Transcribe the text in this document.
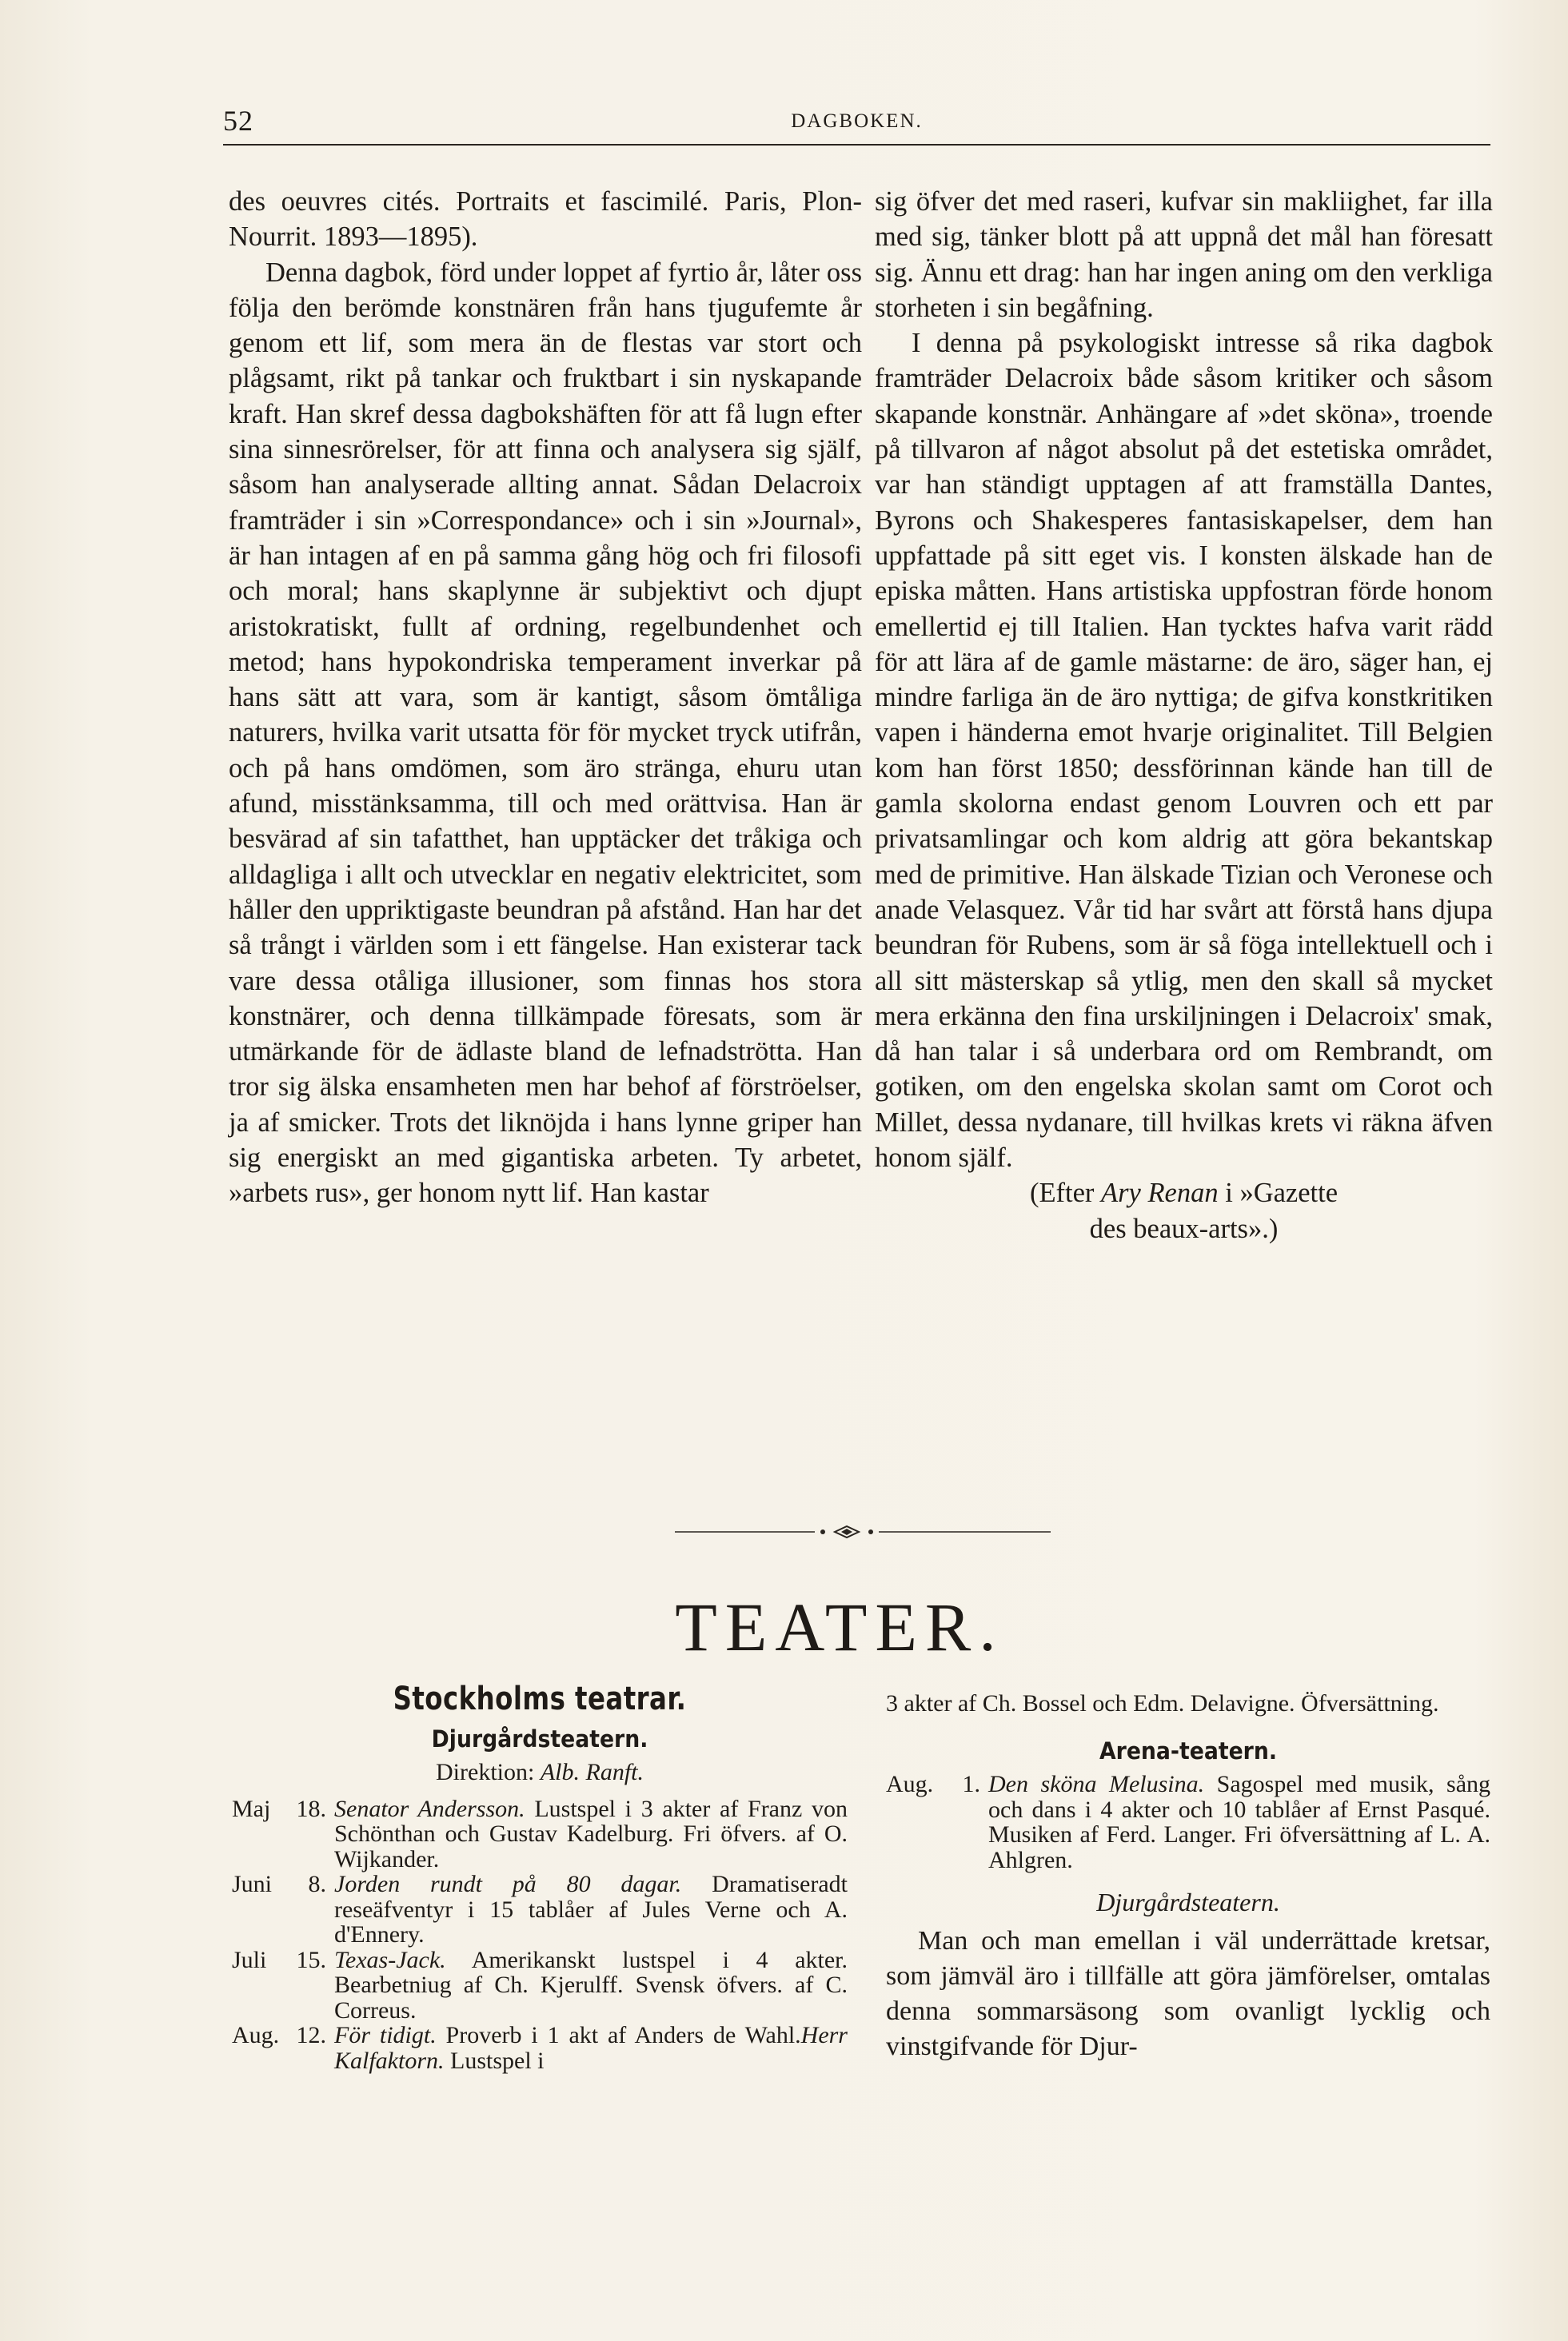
52	DAGBOKEN.

des oeuvres cités. Portraits et fascimilé. Paris, Plon-Nourrit. 1893—1895).

Denna dagbok, förd under loppet af fyrtio år, låter oss följa den berömde konstnären från hans tjugufemte år genom ett lif, som mera än de flestas var stort och plågsamt, rikt på tankar och fruktbart i sin nyskapande kraft. Han skref dessa dagbokshäften för att få lugn efter sina sinnesrörelser, för att finna och analysera sig själf, såsom han analyserade allting annat. Sådan Delacroix framträder i sin »Correspondance» och i sin »Journal», är han intagen af en på samma gång hög och fri filosofi och moral; hans skaplynne är subjektivt och djupt aristokratiskt, fullt af ordning, regelbundenhet och metod; hans hypokondriska temperament inverkar på hans sätt att vara, som är kantigt, såsom ömtåliga naturers, hvilka varit utsatta för för mycket tryck utifrån, och på hans omdömen, som äro stränga, ehuru utan afund, misstänksamma, till och med orättvisa. Han är besvärad af sin tafatthet, han upptäcker det tråkiga och alldagliga i allt och utvecklar en negativ elektricitet, som håller den uppriktigaste beundran på afstånd. Han har det så trångt i världen som i ett fängelse. Han existerar tack vare dessa otåliga illusioner, som finnas hos stora konstnärer, och denna tillkämpade föresats, som är utmärkande för de ädlaste bland de lefnadströtta. Han tror sig älska ensamheten men har behof af förströelser, ja af smicker. Trots det liknöjda i hans lynne griper han sig energiskt an med gigantiska arbeten. Ty arbetet, »arbets rus», ger honom nytt lif. Han kastar

sig öfver det med raseri, kufvar sin makliighet, far illa med sig, tänker blott på att uppnå det mål han föresatt sig. Ännu ett drag: han har ingen aning om den verkliga storheten i sin begåfning.

I denna på psykologiskt intresse så rika dagbok framträder Delacroix både såsom kritiker och såsom skapande konstnär. Anhängare af »det sköna», troende på tillvaron af något absolut på det estetiska området, var han ständigt upptagen af att framställa Dantes, Byrons och Shakesperes fantasiskapelser, dem han uppfattade på sitt eget vis. I konsten älskade han de episka måtten. Hans artistiska uppfostran förde honom emellertid ej till Italien. Han tycktes hafva varit rädd för att lära af de gamle mästarne: de äro, säger han, ej mindre farliga än de äro nyttiga; de gifva konstkritiken vapen i händerna emot hvarje originalitet. Till Belgien kom han först 1850; dessförinnan kände han till de gamla skolorna endast genom Louvren och ett par privatsamlingar och kom aldrig att göra bekantskap med de primitive. Han älskade Tizian och Veronese och anade Velasquez. Vår tid har svårt att förstå hans djupa beundran för Rubens, som är så föga intellektuell och i all sitt mästerskap så ytlig, men den skall så mycket mera erkänna den fina urskiljningen i Delacroix' smak, då han talar i så underbara ord om Rembrandt, om gotiken, om den engelska skolan samt om Corot och Millet, dessa nydanare, till hvilkas krets vi räkna äfven honom själf.

(Efter Ary Renan i »Gazette
des beaux-arts».)

TEATER.
Stockholms teatrar.
Djurgårdsteatern.
Direktion: Alb. Ranft.
Maj	18. Senator Andersson. Lustspel i 3 akter af Franz von Schönthan och Gustav Kadelburg. Fri öfvers. af O. Wijkander.
Juni	8. Jorden rundt på 80 dagar. Dramatiseradt reseäfventyr i 15 tablåer af Jules Verne och A. d'Ennery.
Juli	15. Texas-Jack. Amerikanskt lustspel i 4 akter. Bearbetniug af Ch. Kjerulff. Svensk öfvers. af C. Correus.
Aug. 12. För tidigt. Proverb i 1 akt af Anders de Wahl.Herr Kalfaktorn. Lustspel i

3 akter af Ch. Bossel och Edm. Delavigne. Öfversättning.

Arena-teatern.
Aug.	1. Den sköna Melusina. Sagospel med musik, sång och dans i 4 akter och 10 tablåer af Ernst Pasqué. Musiken af Ferd. Langer. Fri öfversättning af L. A. Ahlgren.
Djurgårdsteatern.

Man och man emellan i väl underrättade kretsar, som jämväl äro i tillfälle att göra jämförelser, omtalas denna sommarsäsong som ovanligt lycklig och vinstgifvande för Djur-
